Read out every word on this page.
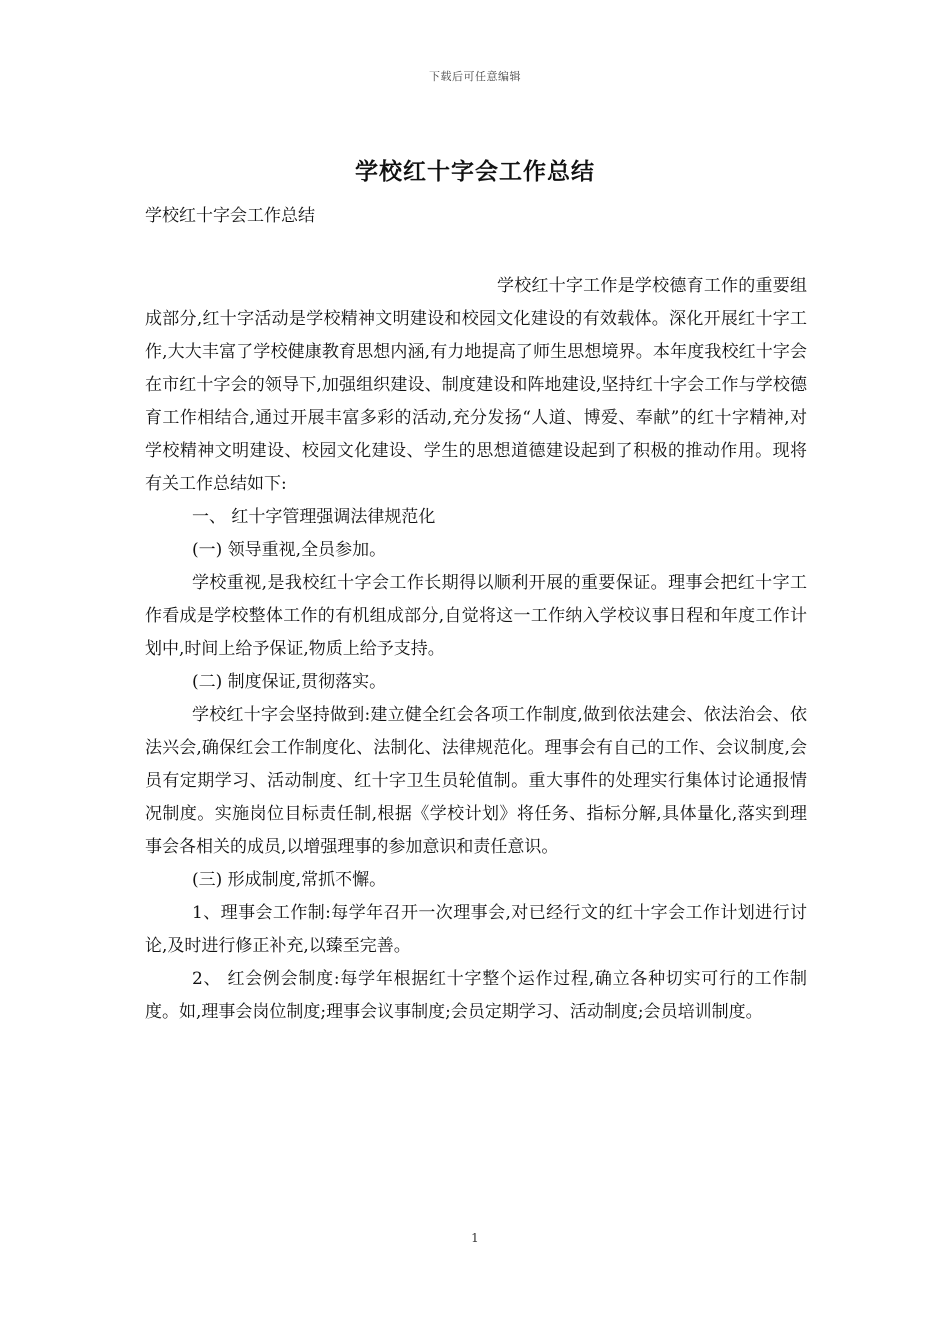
下载后可任意编辑
学校红十字会工作总结

学校红十字会工作总结

学校红十字工作是学校德育工作的重要组成部分,红十字活动是学校精神文明建设和校园文化建设的有效载体。深化开展红十字工作,大大丰富了学校健康教育思想内涵,有力地提高了师生思想境界。本年度我校红十字会在市红十字会的领导下,加强组织建设、制度建设和阵地建设,坚持红十字会工作与学校德育工作相结合,通过开展丰富多彩的活动,充分发扬“人道、博爱、奉献”的红十字精神,对学校精神文明建设、校园文化建设、学生的思想道德建设起到了积极的推动作用。现将有关工作总结如下:

一、 红十字管理强调法律规范化

(一) 领导重视,全员参加。

学校重视,是我校红十字会工作长期得以顺利开展的重要保证。理事会把红十字工作看成是学校整体工作的有机组成部分,自觉将这一工作纳入学校议事日程和年度工作计划中,时间上给予保证,物质上给予支持。

(二) 制度保证,贯彻落实。

学校红十字会坚持做到:建立健全红会各项工作制度,做到依法建会、依法治会、依法兴会,确保红会工作制度化、法制化、法律规范化。理事会有自己的工作、会议制度,会员有定期学习、活动制度、红十字卫生员轮值制。重大事件的处理实行集体讨论通报情况制度。实施岗位目标责任制,根据《学校计划》将任务、指标分解,具体量化,落实到理事会各相关的成员,以增强理事的参加意识和责任意识。

(三) 形成制度,常抓不懈。

1、理事会工作制:每学年召开一次理事会,对已经行文的红十字会工作计划进行讨论,及时进行修正补充,以臻至完善。

2、 红会例会制度:每学年根据红十字整个运作过程,确立各种切实可行的工作制度。如,理事会岗位制度;理事会议事制度;会员定期学习、活动制度;会员培训制度。

1
